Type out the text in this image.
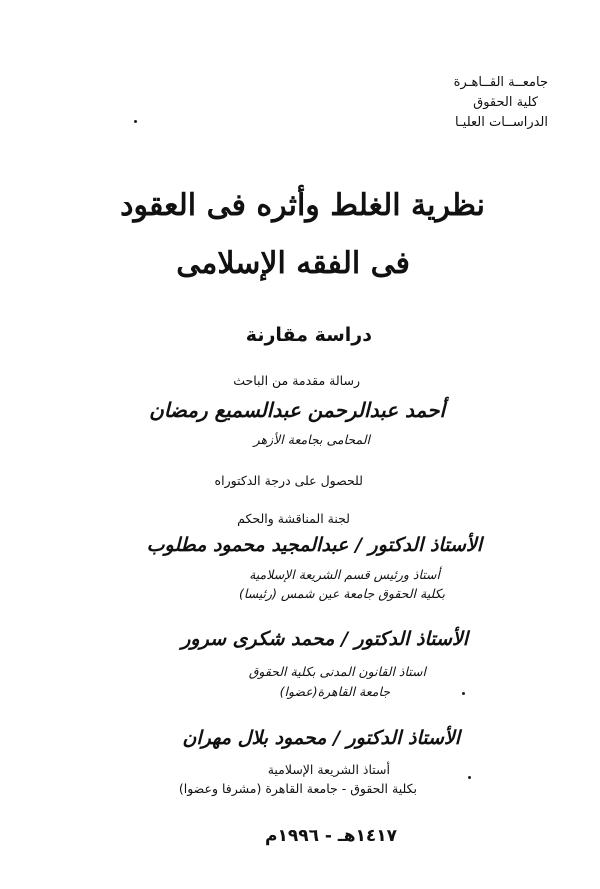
جامعــة القــاهـرة
كلية الحقوق
الدراســات العليـا
نظرية الغلط وأثره فى العقود
فى الفقه الإسلامى
دراسة مقارنة
رسالة مقدمة من الباحث
أحمد عبدالرحمن عبدالسميع رمضان
المحامى بجامعة الأزهر
للحصول على درجة الدكتوراه
لجنة المناقشة والحكم
الأستاذ الدكتور / عبدالمجيد محمود مطلوب
أستاذ ورئيس قسم الشريعة الإسلامية
بكلية الحقوق جامعة عين شمس (رئيسا)
الأستاذ الدكتور / محمد شكرى سرور
استاذ القانون المدنى بكلية الحقوق
جامعة القاهرة(عضوا)
الأستاذ الدكتور / محمود بلال مهران
أستاذ الشريعة الإسلامية
بكلية الحقوق - جامعة القاهرة (مشرفا وعضوا)
١٤١٧هـ - ١٩٩٦م
